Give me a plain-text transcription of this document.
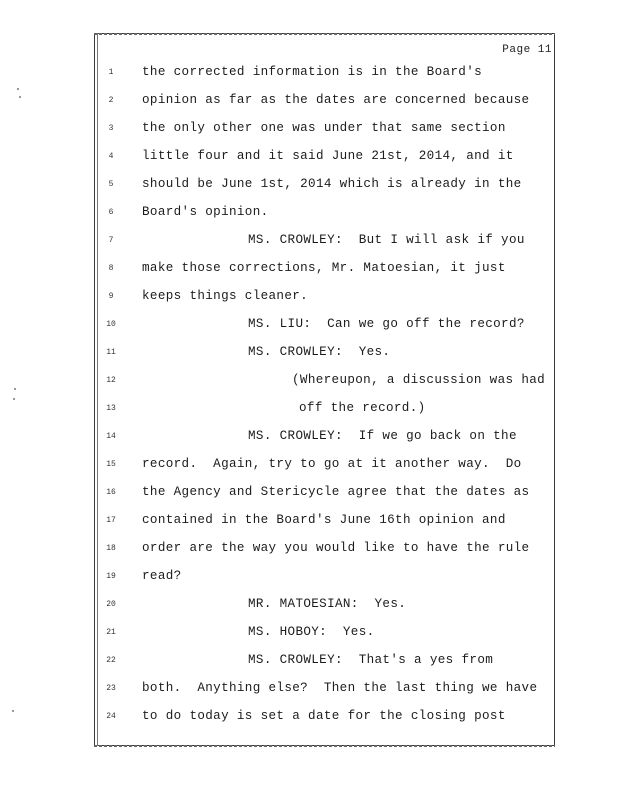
Page 11
1	the corrected information is in the Board's
2	opinion as far as the dates are concerned because
3	the only other one was under that same section
4	little four and it said June 21st, 2014, and it
5	should be June 1st, 2014 which is already in the
6	Board's opinion.
7	MS. CROWLEY:  But I will ask if you
8	make those corrections, Mr. Matoesian, it just
9	keeps things cleaner.
10	MS. LIU:  Can we go off the record?
11	MS. CROWLEY:  Yes.
12	(Whereupon, a discussion was had
13	off the record.)
14	MS. CROWLEY:  If we go back on the
15	record.  Again, try to go at it another way.  Do
16	the Agency and Stericycle agree that the dates as
17	contained in the Board's June 16th opinion and
18	order are the way you would like to have the rule
19	read?
20	MR. MATOESIAN:  Yes.
21	MS. HOBOY:  Yes.
22	MS. CROWLEY:  That's a yes from
23	both.  Anything else?  Then the last thing we have
24	to do today is set a date for the closing post
